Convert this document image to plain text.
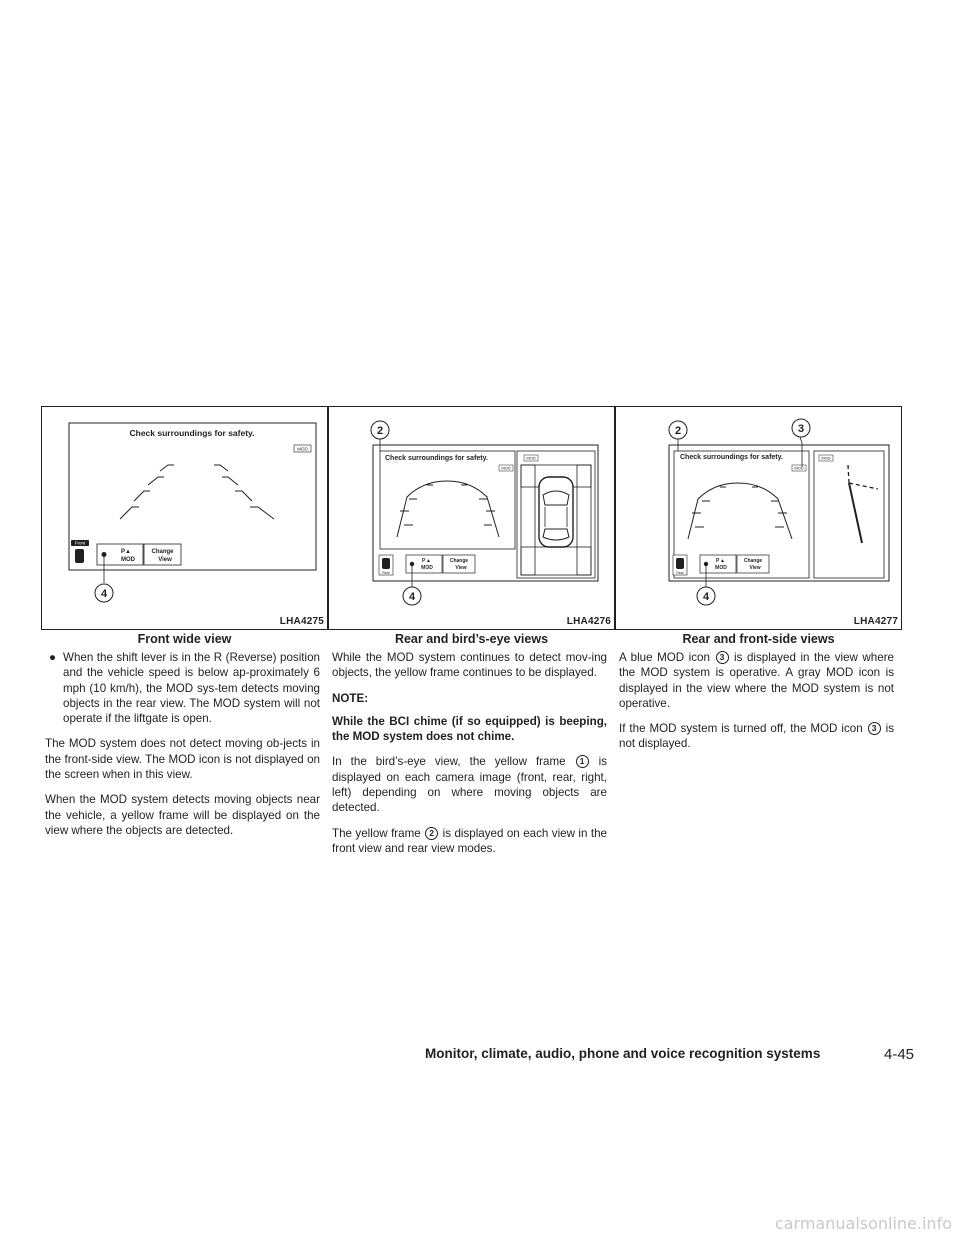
Check surroundings for safety.
MOD
Front
P ▲
MOD
Change
View
4
LHA4275
Front wide view
Check surroundings for safety.
MOD
MOD
Rear
P ▲
MOD
Change
View
2
4
LHA4276
Rear and bird’s-eye views
Check surroundings for safety.
MOD
MOD
Rear
P ▲
MOD
Change
View
2	3
4
LHA4277
Rear and front-side views

● When the shift lever is in the R (Reverse) position and the vehicle speed is below ap-proximately 6 mph (10 km/h), the MOD sys-tem detects moving objects in the rear view. The MOD system will not operate if the liftgate is open.

The MOD system does not detect moving ob-jects in the front-side view. The MOD icon is not displayed on the screen when in this view.

When the MOD system detects moving objects near the vehicle, a yellow frame will be displayed on the view where the objects are detected.

While the MOD system continues to detect mov-ing objects, the yellow frame continues to be displayed.

NOTE:

While the BCI chime (if so equipped) is beeping, the MOD system does not chime.

In the bird’s-eye view, the yellow frame 1 is displayed on each camera image (front, rear, right, left) depending on where moving objects are detected.

The yellow frame 2 is displayed on each view in the front view and rear view modes.

A blue MOD icon 3 is displayed in the view where the MOD system is operative. A gray MOD icon is displayed in the view where the MOD system is not operative.

If the MOD system is turned off, the MOD icon 3 is not displayed.

Monitor, climate, audio, phone and voice recognition systems	4-45
carmanualsonline.info
